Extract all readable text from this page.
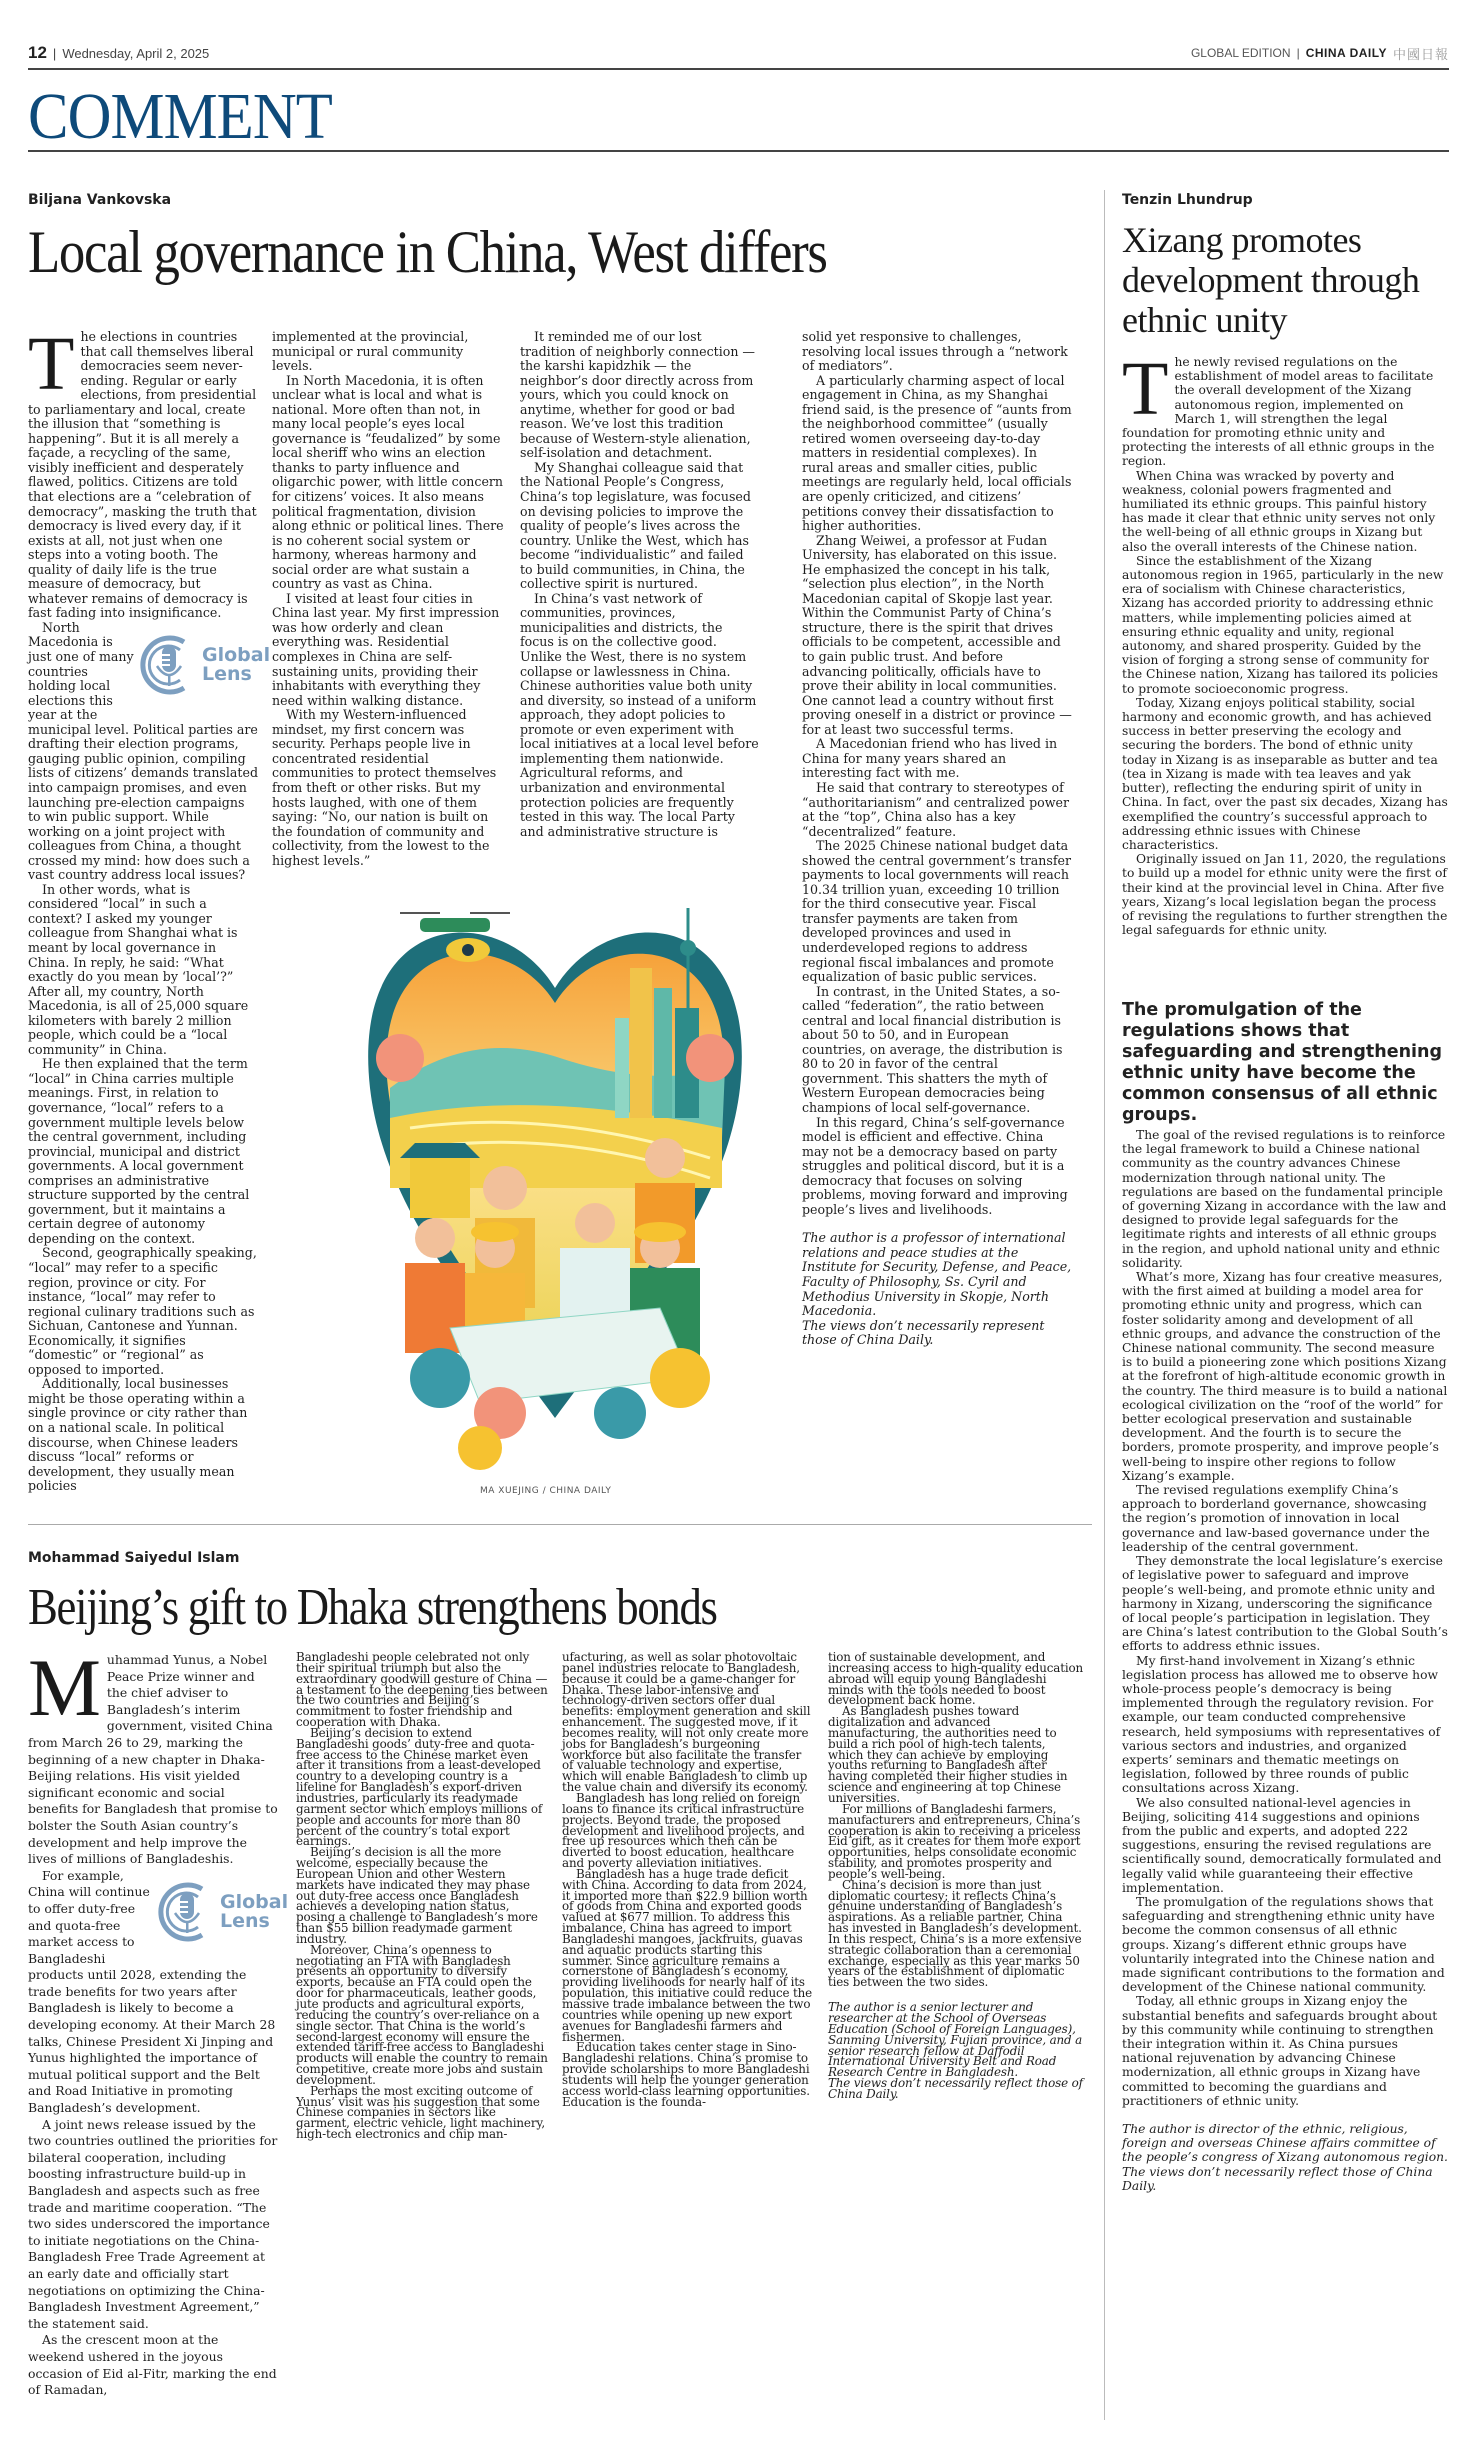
12 | Wednesday, April 2, 2025	GLOBAL EDITION | CHINA DAILY 中國日報
COMMENT
Biljana Vankovska
Local governance in China, West differs

The elections in countries that call themselves liberal democracies seem never-ending. Regular or early elections, from presidential to parliamentary and local, create the illusion that “something is happening”. But it is all merely a façade, a recycling of the same, visibly inefficient and desperately flawed, politics. Citizens are told that elections are a “celebration of democracy”, masking the truth that democracy is lived every day, if it exists at all, not just when one steps into a voting booth. The quality of daily life is the true measure of democracy, but whatever remains of democracy is fast fading into insignificance.

Global
Lens

North Macedonia is just one of many countries holding local elections this year at the municipal level. Political parties are drafting their election programs, gauging public opinion, compiling lists of citizens’ demands translated into campaign promises, and even launching pre-election campaigns to win public support. While working on a joint project with colleagues from China, a thought crossed my mind: how does such a vast country address local issues?

In other words, what is considered “local” in such a context? I asked my younger colleague from Shanghai what is meant by local governance in China. In reply, he said: “What exactly do you mean by ‘local’?” After all, my country, North Macedonia, is all of 25,000 square kilometers with barely 2 million people, which could be a “local community” in China.

He then explained that the term “local” in China carries multiple meanings. First, in relation to governance, “local” refers to a government multiple levels below the central government, including provincial, municipal and district governments. A local government comprises an administrative structure supported by the central government, but it maintains a certain degree of autonomy depending on the context.

Second, geographically speaking, “local” may refer to a specific region, province or city. For instance, “local” may refer to regional culinary traditions such as Sichuan, Cantonese and Yunnan. Economically, it signifies “domestic” or “regional” as opposed to imported.

Additionally, local businesses might be those operating within a single province or city rather than on a national scale. In political discourse, when Chinese leaders discuss “local” reforms or development, they usually mean policies

implemented at the provincial, municipal or rural community levels.

In North Macedonia, it is often unclear what is local and what is national. More often than not, in many local people’s eyes local governance is “feudalized” by some local sheriff who wins an election thanks to party influence and oligarchic power, with little concern for citizens’ voices. It also means political fragmentation, division along ethnic or political lines. There is no coherent social system or harmony, whereas harmony and social order are what sustain a country as vast as China.

I visited at least four cities in China last year. My first impression was how orderly and clean everything was. Residential complexes in China are self-sustaining units, providing their inhabitants with everything they need within walking distance.

With my Western-influenced mindset, my first concern was security. Perhaps people live in concentrated residential communities to protect themselves from theft or other risks. But my hosts laughed, with one of them saying: “No, our nation is built on the foundation of community and collectivity, from the lowest to the highest levels.”

It reminded me of our lost tradition of neighborly connection — the karshi kapidzhik — the neighbor’s door directly across from yours, which you could knock on anytime, whether for good or bad reason. We’ve lost this tradition because of Western-style alienation, self-isolation and detachment.

My Shanghai colleague said that the National People’s Congress, China’s top legislature, was focused on devising policies to improve the quality of people’s lives across the country. Unlike the West, which has become “individualistic” and failed to build communities, in China, the collective spirit is nurtured.

In China’s vast network of communities, provinces, municipalities and districts, the focus is on the collective good. Unlike the West, there is no system collapse or lawlessness in China. Chinese authorities value both unity and diversity, so instead of a uniform approach, they adopt policies to promote or even experiment with local initiatives at a local level before implementing them nationwide. Agricultural reforms, and urbanization and environmental protection policies are frequently tested in this way. The local Party and administrative structure is

solid yet responsive to challenges, resolving local issues through a “network of mediators”.

A particularly charming aspect of local engagement in China, as my Shanghai friend said, is the presence of “aunts from the neighborhood committee” (usually retired women overseeing day-to-day matters in residential complexes). In rural areas and smaller cities, public meetings are regularly held, local officials are openly criticized, and citizens’ petitions convey their dissatisfaction to higher authorities.

Zhang Weiwei, a professor at Fudan University, has elaborated on this issue. He emphasized the concept in his talk, “selection plus election”, in the North Macedonian capital of Skopje last year. Within the Communist Party of China’s structure, there is the spirit that drives officials to be competent, accessible and to gain public trust. And before advancing politically, officials have to prove their ability in local communities. One cannot lead a country without first proving oneself in a district or province — for at least two successful terms.

A Macedonian friend who has lived in China for many years shared an interesting fact with me.

He said that contrary to stereotypes of “authoritarianism” and centralized power at the “top”, China also has a key “decentralized” feature.

The 2025 Chinese national budget data showed the central government’s transfer payments to local governments will reach 10.34 trillion yuan, exceeding 10 trillion for the third consecutive year. Fiscal transfer payments are taken from developed provinces and used in underdeveloped regions to address regional fiscal imbalances and promote equalization of basic public services.

In contrast, in the United States, a so-called “federation”, the ratio between central and local financial distribution is about 50 to 50, and in European countries, on average, the distribution is 80 to 20 in favor of the central government. This shatters the myth of Western European democracies being champions of local self-governance.

In this regard, China’s self-governance model is efficient and effective. China may not be a democracy based on party struggles and political discord, but it is a democracy that focuses on solving problems, moving forward and improving people’s lives and livelihoods.

The author is a professor of international relations and peace studies at the Institute for Security, Defense, and Peace, Faculty of Philosophy, Ss. Cyril and Methodius University in Skopje, North Macedonia.

The views don’t necessarily represent those of China Daily.

MA XUEJING / CHINA DAILY
Tenzin Lhundrup
Xizang promotes development through ethnic unity

The newly revised regulations on the establishment of model areas to facilitate the overall development of the Xizang autonomous region, implemented on March 1, will strengthen the legal foundation for promoting ethnic unity and protecting the interests of all ethnic groups in the region.

When China was wracked by poverty and weakness, colonial powers fragmented and humiliated its ethnic groups. This painful history has made it clear that ethnic unity serves not only the well-being of all ethnic groups in Xizang but also the overall interests of the Chinese nation.

Since the establishment of the Xizang autonomous region in 1965, particularly in the new era of socialism with Chinese characteristics, Xizang has accorded priority to addressing ethnic matters, while implementing policies aimed at ensuring ethnic equality and unity, regional autonomy, and shared prosperity. Guided by the vision of forging a strong sense of community for the Chinese nation, Xizang has tailored its policies to promote socioeconomic progress.

Today, Xizang enjoys political stability, social harmony and economic growth, and has achieved success in better preserving the ecology and securing the borders. The bond of ethnic unity today in Xizang is as inseparable as butter and tea (tea in Xizang is made with tea leaves and yak butter), reflecting the enduring spirit of unity in China. In fact, over the past six decades, Xizang has exemplified the country’s successful approach to addressing ethnic issues with Chinese characteristics.

Originally issued on Jan 11, 2020, the regulations to build up a model for ethnic unity were the first of their kind at the provincial level in China. After five years, Xizang’s local legislation began the process of revising the regulations to further strengthen the legal safeguards for ethnic unity.

The promulgation of the regulations shows that safeguarding and strengthening ethnic unity have become the common consensus of all ethnic groups.

The goal of the revised regulations is to reinforce the legal framework to build a Chinese national community as the country advances Chinese modernization through national unity. The regulations are based on the fundamental principle of governing Xizang in accordance with the law and designed to provide legal safeguards for the legitimate rights and interests of all ethnic groups in the region, and uphold national unity and ethnic solidarity.

What’s more, Xizang has four creative measures, with the first aimed at building a model area for promoting ethnic unity and progress, which can foster solidarity among and development of all ethnic groups, and advance the construction of the Chinese national community. The second measure is to build a pioneering zone which positions Xizang at the forefront of high-altitude economic growth in the country. The third measure is to build a national ecological civilization on the “roof of the world” for better ecological preservation and sustainable development. And the fourth is to secure the borders, promote prosperity, and improve people’s well-being to inspire other regions to follow Xizang’s example.

The revised regulations exemplify China’s approach to borderland governance, showcasing the region’s promotion of innovation in local governance and law-based governance under the leadership of the central government.

They demonstrate the local legislature’s exercise of legislative power to safeguard and improve people’s well-being, and promote ethnic unity and harmony in Xizang, underscoring the significance of local people’s participation in legislation. They are China’s latest contribution to the Global South’s efforts to address ethnic issues.

My first-hand involvement in Xizang’s ethnic legislation process has allowed me to observe how whole-process people’s democracy is being implemented through the regulatory revision. For example, our team conducted comprehensive research, held symposiums with representatives of various sectors and industries, and organized experts’ seminars and thematic meetings on legislation, followed by three rounds of public consultations across Xizang.

We also consulted national-level agencies in Beijing, soliciting 414 suggestions and opinions from the public and experts, and adopted 222 suggestions, ensuring the revised regulations are scientifically sound, democratically formulated and legally valid while guaranteeing their effective implementation.

The promulgation of the regulations shows that safeguarding and strengthening ethnic unity have become the common consensus of all ethnic groups. Xizang’s different ethnic groups have voluntarily integrated into the Chinese nation and made significant contributions to the formation and development of the Chinese national community.

Today, all ethnic groups in Xizang enjoy the substantial benefits and safeguards brought about by this community while continuing to strengthen their integration within it. As China pursues national rejuvenation by advancing Chinese modernization, all ethnic groups in Xizang have committed to becoming the guardians and practitioners of ethnic unity.

The author is director of the ethnic, religious, foreign and overseas Chinese affairs committee of the people’s congress of Xizang autonomous region.

The views don’t necessarily reflect those of China Daily.

Mohammad Saiyedul Islam
Beijing’s gift to Dhaka strengthens bonds

Muhammad Yunus, a Nobel Peace Prize winner and the chief adviser to Bangladesh’s interim government, visited China from March 26 to 29, marking the beginning of a new chapter in Dhaka-Beijing relations. His visit yielded significant economic and social benefits for Bangladesh that promise to bolster the South Asian country’s development and help improve the lives of millions of Bangladeshis.

Global
Lens

For example, China will continue to offer duty-free and quota-free market access to Bangladeshi products until 2028, extending the trade benefits for two years after Bangladesh is likely to become a developing economy. At their March 28 talks, Chinese President Xi Jinping and Yunus highlighted the importance of mutual political support and the Belt and Road Initiative in promoting Bangladesh’s development.

A joint news release issued by the two countries outlined the priorities for bilateral cooperation, including boosting infrastructure build-up in Bangladesh and aspects such as free trade and maritime cooperation. “The two sides underscored the importance to initiate negotiations on the China-Bangladesh Free Trade Agreement at an early date and officially start negotiations on optimizing the China-Bangladesh Investment Agreement,” the statement said.

As the crescent moon at the weekend ushered in the joyous occasion of Eid al-Fitr, marking the end of Ramadan,

Bangladeshi people celebrated not only their spiritual triumph but also the extraordinary goodwill gesture of China — a testament to the deepening ties between the two countries and Beijing’s commitment to foster friendship and cooperation with Dhaka.

Beijing’s decision to extend Bangladeshi goods’ duty-free and quota-free access to the Chinese market even after it transitions from a least-developed country to a developing country is a lifeline for Bangladesh’s export-driven industries, particularly its readymade garment sector which employs millions of people and accounts for more than 80 percent of the country’s total export earnings.

Beijing’s decision is all the more welcome, especially because the European Union and other Western markets have indicated they may phase out duty-free access once Bangladesh achieves a developing nation status, posing a challenge to Bangladesh’s more than $55 billion readymade garment industry.

Moreover, China’s openness to negotiating an FTA with Bangladesh presents an opportunity to diversify exports, because an FTA could open the door for pharmaceuticals, leather goods, jute products and agricultural exports, reducing the country’s over-reliance on a single sector. That China is the world’s second-largest economy will ensure the extended tariff-free access to Bangladeshi products will enable the country to remain competitive, create more jobs and sustain development.

Perhaps the most exciting outcome of Yunus’ visit was his suggestion that some Chinese companies in sectors like garment, electric vehicle, light machinery, high-tech electronics and chip man-

ufacturing, as well as solar photovoltaic panel industries relocate to Bangladesh, because it could be a game-changer for Dhaka. These labor-intensive and technology-driven sectors offer dual benefits: employment generation and skill enhancement. The suggested move, if it becomes reality, will not only create more jobs for Bangladesh’s burgeoning workforce but also facilitate the transfer of valuable technology and expertise, which will enable Bangladesh to climb up the value chain and diversify its economy.

Bangladesh has long relied on foreign loans to finance its critical infrastructure projects. Beyond trade, the proposed development and livelihood projects, and free up resources which then can be diverted to boost education, healthcare and poverty alleviation initiatives.

Bangladesh has a huge trade deficit with China. According to data from 2024, it imported more than $22.9 billion worth of goods from China and exported goods valued at $677 million. To address this imbalance, China has agreed to import Bangladeshi mangoes, jackfruits, guavas and aquatic products starting this summer. Since agriculture remains a cornerstone of Bangladesh’s economy, providing livelihoods for nearly half of its population, this initiative could reduce the massive trade imbalance between the two countries while opening up new export avenues for Bangladeshi farmers and fishermen.

Education takes center stage in Sino-Bangladeshi relations. China’s promise to provide scholarships to more Bangladeshi students will help the younger generation access world-class learning opportunities. Education is the founda-

tion of sustainable development, and increasing access to high-quality education abroad will equip young Bangladeshi minds with the tools needed to boost development back home.

As Bangladesh pushes toward digitalization and advanced manufacturing, the authorities need to build a rich pool of high-tech talents, which they can achieve by employing youths returning to Bangladesh after having completed their higher studies in science and engineering at top Chinese universities.

For millions of Bangladeshi farmers, manufacturers and entrepreneurs, China’s cooperation is akin to receiving a priceless Eid gift, as it creates for them more export opportunities, helps consolidate economic stability, and promotes prosperity and people’s well-being.

China’s decision is more than just diplomatic courtesy; it reflects China’s genuine understanding of Bangladesh’s aspirations. As a reliable partner, China has invested in Bangladesh’s development. In this respect, China’s is a more extensive strategic collaboration than a ceremonial exchange, especially as this year marks 50 years of the establishment of diplomatic ties between the two sides.

The author is a senior lecturer and researcher at the School of Overseas Education (School of Foreign Languages), Sanming University, Fujian province, and a senior research fellow at Daffodil International University Belt and Road Research Centre in Bangladesh.

The views don’t necessarily reflect those of China Daily.
